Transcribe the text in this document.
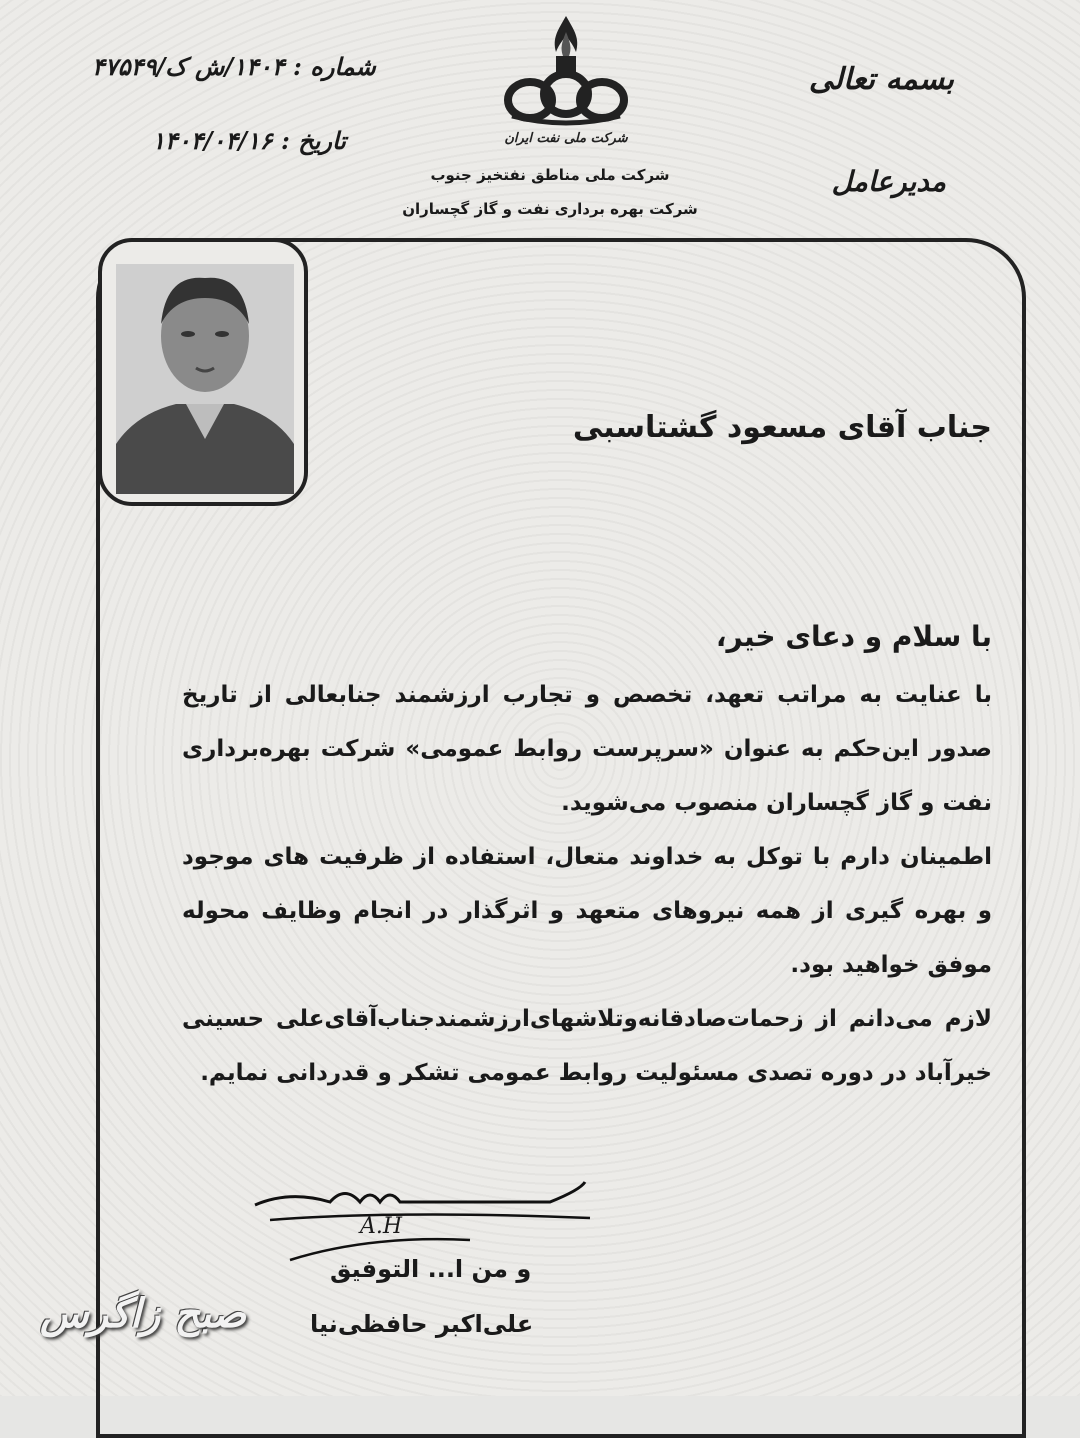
بسمه تعالی
مدیرعامل
شماره : ۱۴۰۴/ش ک/۴۷۵۴۹
تاریخ : ۱۴۰۴/۰۴/۱۶	شرکت ملی نفت ایران
شرکت ملی مناطق نفتخیز جنوب
شرکت بهره برداری نفت و گاز گچساران
جناب آقای مسعود گشتاسبی
با سلام و دعای خیر،
با عنایت به مراتب تعهد، تخصص و تجارب ارزشمند جنابعالی از تاریخ صدور این‌حکم به عنوان «سرپرست روابط عمومی» شرکت بهره‌برداری نفت و گاز گچساران منصوب می‌شوید.
اطمینان دارم با توکل به خداوند متعال، استفاده از ظرفیت های موجود و بهره گیری از همه نیروهای متعهد و اثرگذار در انجام وظایف محوله موفق خواهید بود.
لازم می‌دانم از زحمات‌صادقانه‌وتلاشهای‌ارزشمندجناب‌آقای‌علی حسینی خیرآباد در دوره تصدی مسئولیت روابط عمومی تشکر و قدردانی نمایم.
A.H
و من ا... التوفیق
علی‌اکبر حافظی‌نیا
صبح زاگرس
